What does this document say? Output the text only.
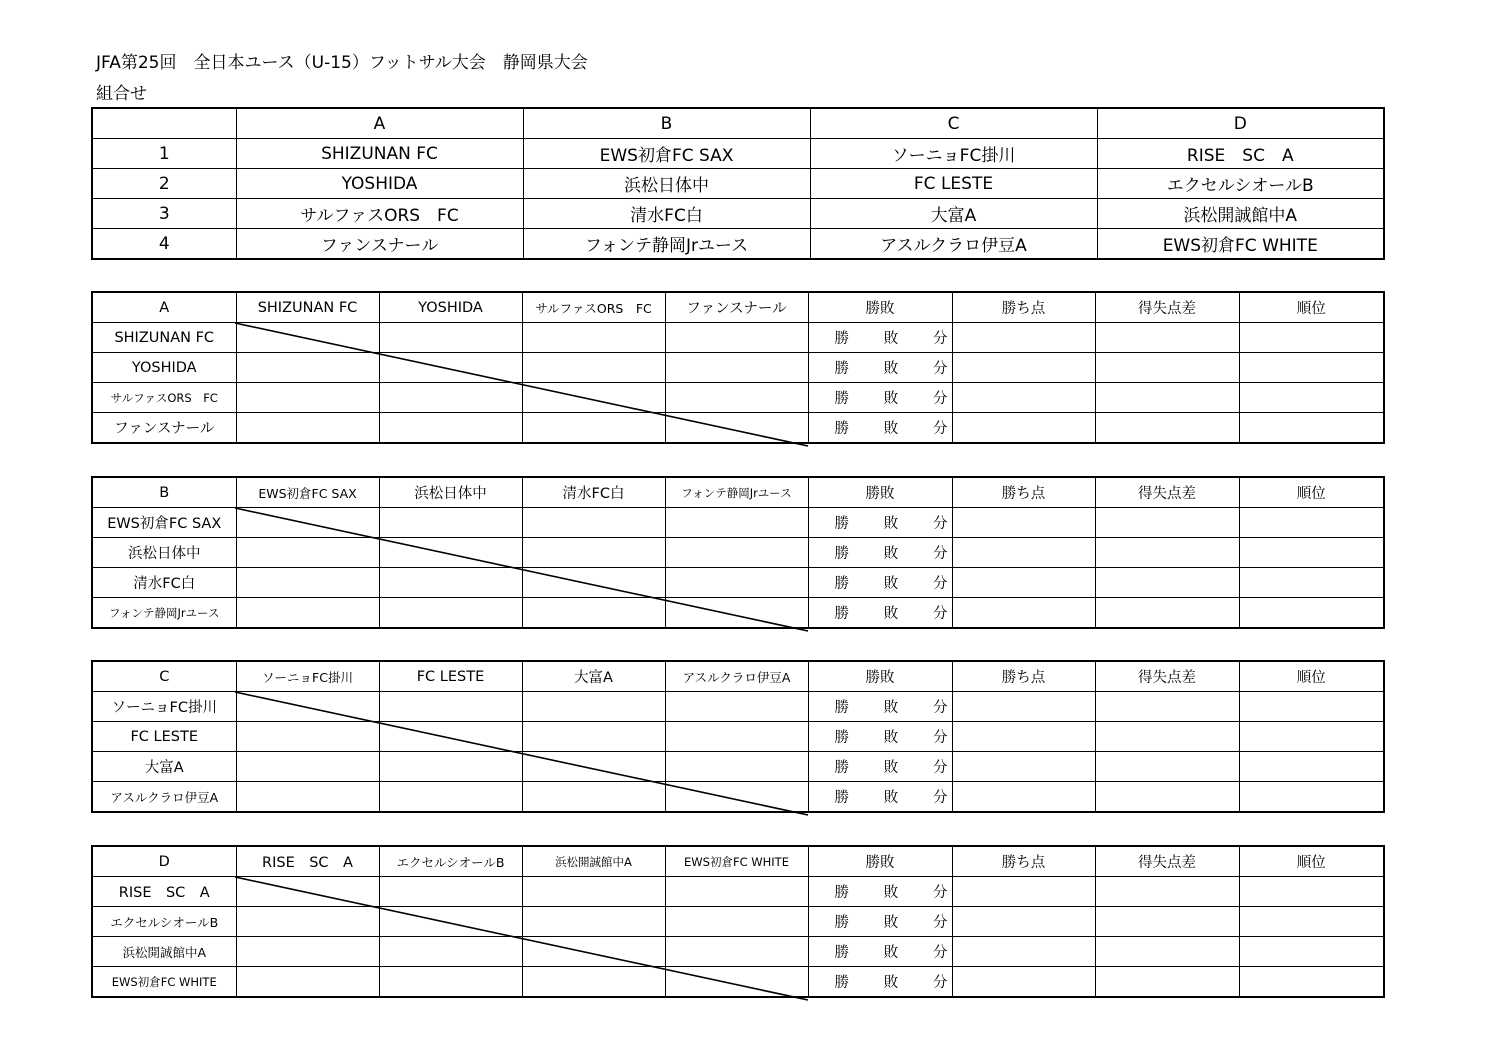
JFA第25回　全日本ユース（U-15）フットサル大会　静岡県大会
組合せ
	A	B	C	D
1	SHIZUNAN FC	EWS初倉FC SAX	ソーニョFC掛川	RISE　SC　A
2	YOSHIDA	浜松日体中	FC LESTE	エクセルシオールB
3	サルファスORS　FC	清水FC白	大富A	浜松開誠館中A
4	ファンスナール	フォンテ静岡Jrユース	アスルクラロ伊豆A	EWS初倉FC WHITE
A	SHIZUNAN FC	YOSHIDA	サルファスORS　FC	ファンスナール	勝敗	勝ち点	得失点差	順位
SHIZUNAN FC					勝 敗 分			

YOSHIDA					勝 敗 分			

サルファスORS　FC					勝 敗 分			

ファンスナール					勝 敗 分			

B	EWS初倉FC SAX	浜松日体中	清水FC白	フォンテ静岡Jrユース	勝敗	勝ち点	得失点差	順位
EWS初倉FC SAX					勝 敗 分			

浜松日体中					勝 敗 分			

清水FC白					勝 敗 分			

フォンテ静岡Jrユース					勝 敗 分			

C	ソーニョFC掛川	FC LESTE	大富A	アスルクラロ伊豆A	勝敗	勝ち点	得失点差	順位
ソーニョFC掛川					勝 敗 分			

FC LESTE					勝 敗 分			

大富A					勝 敗 分			

アスルクラロ伊豆A					勝 敗 分			

D	RISE　SC　A	エクセルシオールB	浜松開誠館中A	EWS初倉FC WHITE	勝敗	勝ち点	得失点差	順位
RISE　SC　A					勝 敗 分			

エクセルシオールB					勝 敗 分			

浜松開誠館中A					勝 敗 分			

EWS初倉FC WHITE					勝 敗 分			
